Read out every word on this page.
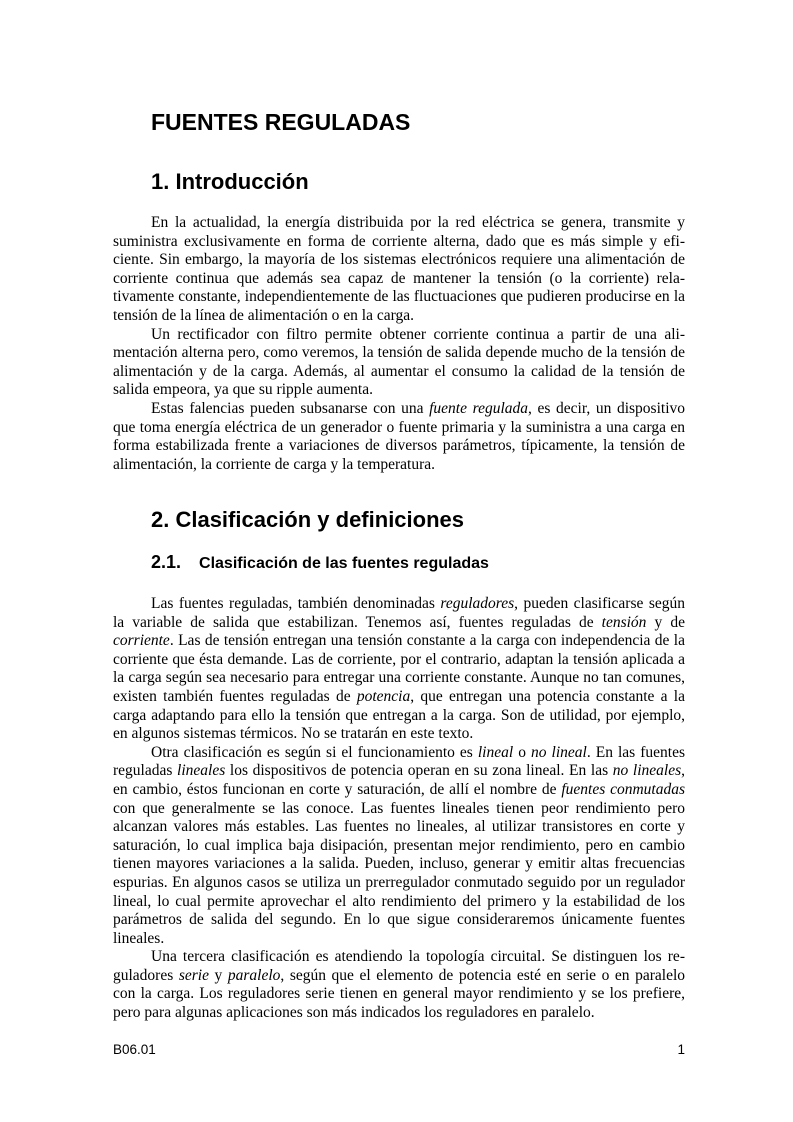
FUENTES REGULADAS
1. Introducción

En la actualidad, la energía distribuida por la red eléctrica se genera, transmite y suministra exclusivamente en forma de corriente alterna, dado que es más simple y eficiente. Sin embargo, la mayoría de los sistemas electrónicos requiere una alimentación de corriente continua que además sea capaz de mantener la tensión (o la corriente) relativamente constante, independientemente de las fluctuaciones que pudieren producirse en la tensión de la línea de alimentación o en la carga.

Un rectificador con filtro permite obtener corriente continua a partir de una alimentación alterna pero, como veremos, la tensión de salida depende mucho de la tensión de alimentación y de la carga. Además, al aumentar el consumo la calidad de la tensión de salida empeora, ya que su ripple aumenta.

Estas falencias pueden subsanarse con una fuente regulada, es decir, un dispositivo que toma energía eléctrica de un generador o fuente primaria y la suministra a una carga en forma estabilizada frente a variaciones de diversos parámetros, típicamente, la tensión de alimentación, la corriente de carga y la temperatura.

2. Clasificación y definiciones
2.1. Clasificación de las fuentes reguladas

Las fuentes reguladas, también denominadas reguladores, pueden clasificarse según la variable de salida que estabilizan. Tenemos así, fuentes reguladas de tensión y de corriente. Las de tensión entregan una tensión constante a la carga con independencia de la corriente que ésta demande. Las de corriente, por el contrario, adaptan la tensión aplicada a la carga según sea necesario para entregar una corriente constante. Aunque no tan comunes, existen también fuentes reguladas de potencia, que entregan una potencia constante a la carga adaptando para ello la tensión que entregan a la carga. Son de utilidad, por ejemplo, en algunos sistemas térmicos. No se tratarán en este texto.

Otra clasificación es según si el funcionamiento es lineal o no lineal. En las fuentes reguladas lineales los dispositivos de potencia operan en su zona lineal. En las no lineales, en cambio, éstos funcionan en corte y saturación, de allí el nombre de fuentes conmutadas con que generalmente se las conoce. Las fuentes lineales tienen peor rendimiento pero alcanzan valores más estables. Las fuentes no lineales, al utilizar transistores en corte y saturación, lo cual implica baja disipación, presentan mejor rendimiento, pero en cambio tienen mayores variaciones a la salida. Pueden, incluso, generar y emitir altas frecuencias espurias. En algunos casos se utiliza un prerregulador conmutado seguido por un regulador lineal, lo cual permite aprovechar el alto rendimiento del primero y la estabilidad de los parámetros de salida del segundo. En lo que sigue consideraremos únicamente fuentes lineales.

Una tercera clasificación es atendiendo la topología circuital. Se distinguen los reguladores serie y paralelo, según que el elemento de potencia esté en serie o en paralelo con la carga. Los reguladores serie tienen en general mayor rendimiento y se los prefiere, pero para algunas aplicaciones son más indicados los reguladores en paralelo.

B06.01	1
